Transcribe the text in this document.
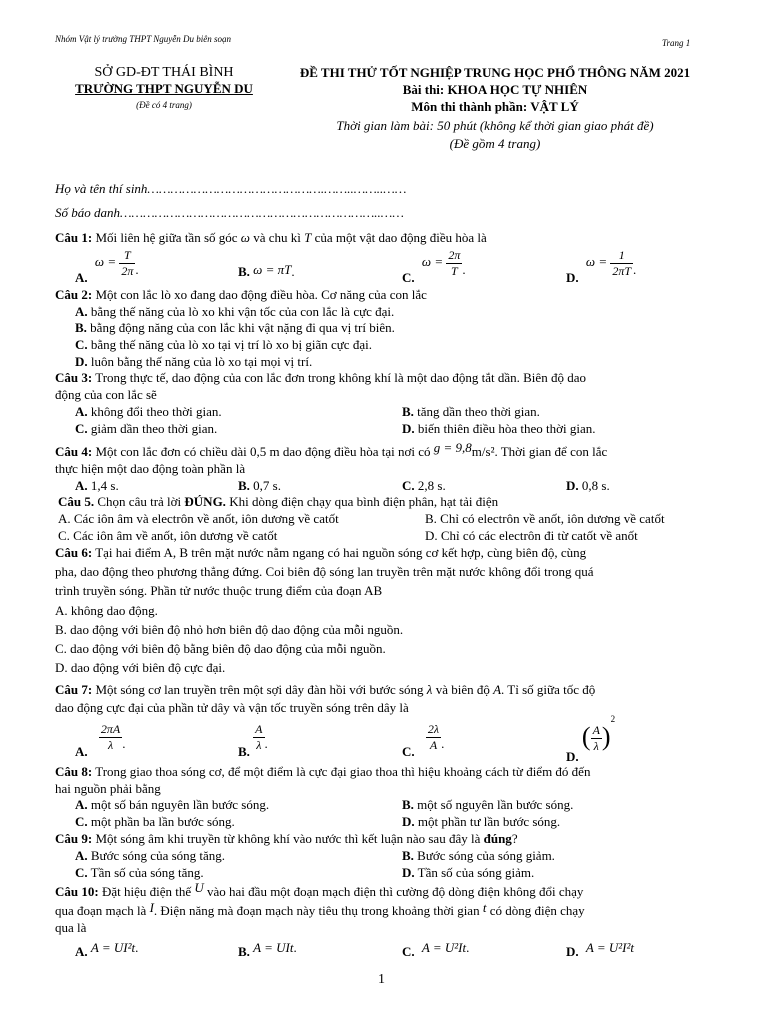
Nhóm Vật lý trường THPT Nguyễn Du biên soạn	Trang 1
SỞ GD-ĐT THÁI BÌNH
TRƯỜNG THPT NGUYỄN DU
(Đề có 4 trang)
ĐỀ THI THỬ TỐT NGHIỆP TRUNG HỌC PHỔ THÔNG NĂM 2021
Bài thi: KHOA HỌC TỰ NHIÊN
Môn thi thành phần: VẬT LÝ
Thời gian làm bài: 50 phút (không kể thời gian giao phát đề)
(Đề gồm 4 trang)
Họ và tên thí sinh……………………………………….……..……..……
Số báo danh…………………………………………………………..……
Câu 1: Mối liên hệ giữa tần số góc ω và chu kì T của một vật dao động điều hòa là
A. $\omega = \frac{T}{2\pi}$ .	B. ω = πT.	C. $\omega = \frac{2\pi}{T}$ .
D. $\omega = \frac{1}{2\pi T}$ .
Câu 2: Một con lắc lò xo đang dao động điều hòa. Cơ năng của con lắc
A. bằng thế năng của lò xo khi vận tốc của con lắc là cực đại.
B. bằng động năng của con lắc khi vật nặng đi qua vị trí biên.
C. bằng thế năng của lò xo tại vị trí lò xo bị giãn cực đại.
D. luôn bằng thế năng của lò xo tại mọi vị trí.
Câu 3: Trong thực tế, dao động của con lắc đơn trong không khí là một dao động tắt dần. Biên độ dao
động của con lắc sẽ
A. không đổi theo thời gian.	B. tăng dần theo thời gian.
C. giảm dần theo thời gian.	D. biến thiên điều hòa theo thời gian.
Câu 4: Một con lắc đơn có chiều dài 0,5 m dao động điều hòa tại nơi có g = 9,8m/s². Thời gian để con lắc
thực hiện một dao động toàn phần là
A. 1,4 s.	B. 0,7 s.	C. 2,8 s.	D. 0,8 s.
Câu 5. Chọn câu trả lời ĐÚNG. Khi dòng điện chạy qua bình điện phân, hạt tải điện
A. Các iôn âm và electrôn về anốt, iôn dương về catốt	B. Chỉ có electrôn về anốt, iôn dương về catốt
C. Các iôn âm về anốt, iôn dương về catốt	D. Chỉ có các electrôn đi từ catốt về anốt
Câu 6: Tại hai điểm A, B trên mặt nước nằm ngang có hai nguồn sóng cơ kết hợp, cùng biên độ, cùng
pha, dao động theo phương thẳng đứng. Coi biên độ sóng lan truyền trên mặt nước không đổi trong quá
trình truyền sóng. Phần tử nước thuộc trung điểm của đoạn AB
A. không dao động.
B. dao động với biên độ nhỏ hơn biên độ dao động của mỗi nguồn.
C. dao động với biên độ bằng biên độ dao động của mỗi nguồn.
D. dao động với biên độ cực đại.
Câu 7: Một sóng cơ lan truyền trên một sợi dây đàn hồi với bước sóng λ và biên độ A. Tỉ số giữa tốc độ
dao động cực đại của phần tử dây và vận tốc truyền sóng trên dây là
A. $\frac{2\pi A}{\lambda}$ .
B. $\frac{A}{\lambda}$ .
C. $\frac{2\lambda}{A}$ .
D. ( $\frac{A}{\lambda} )^2$
Câu 8: Trong giao thoa sóng cơ, để một điểm là cực đại giao thoa thì hiệu khoảng cách từ điểm đó đến
hai nguồn phải bằng
A. một số bán nguyên lần bước sóng.	B. một số nguyên lần bước sóng.
C. một phần ba lần bước sóng.	D. một phần tư lần bước sóng.
Câu 9: Một sóng âm khi truyền từ không khí vào nước thì kết luận nào sau đây là đúng?
A. Bước sóng của sóng tăng.	B. Bước sóng của sóng giảm.
C. Tần số của sóng tăng.	D. Tần số của sóng giảm.
Câu 10: Đặt hiệu điện thế U vào hai đầu một đoạn mạch điện thì cường độ dòng điện không đổi chạy
qua đoạn mạch là I. Điện năng mà đoạn mạch này tiêu thụ trong khoảng thời gian t có dòng điện chạy
qua là
A. A = UI²t.	B. A = UIt.	C. A = U²It.	D. A = U²I²t
1
